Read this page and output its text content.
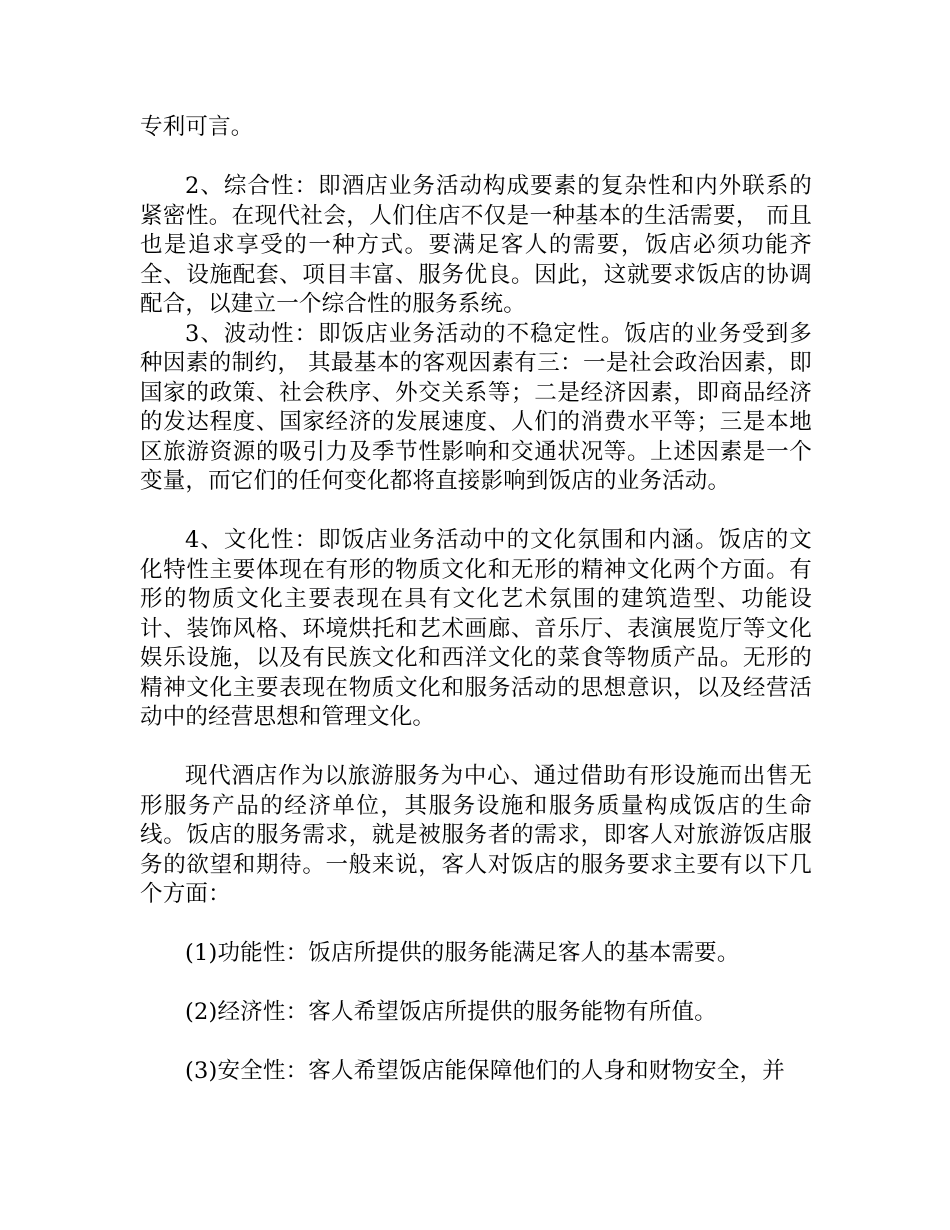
专利可言。

2、综合性：即酒店业务活动构成要素的复杂性和内外联系的紧密性。在现代社会，人们住店不仅是一种基本的生活需要， 而且也是追求享受的一种方式。要满足客人的需要，饭店必须功能齐全、设施配套、项目丰富、服务优良。因此，这就要求饭店的协调配合，以建立一个综合性的服务系统。

3、波动性：即饭店业务活动的不稳定性。饭店的业务受到多种因素的制约， 其最基本的客观因素有三：一是社会政治因素，即国家的政策、社会秩序、外交关系等；二是经济因素，即商品经济的发达程度、国家经济的发展速度、人们的消费水平等；三是本地区旅游资源的吸引力及季节性影响和交通状况等。上述因素是一个变量，而它们的任何变化都将直接影响到饭店的业务活动。

4、文化性：即饭店业务活动中的文化氛围和内涵。饭店的文化特性主要体现在有形的物质文化和无形的精神文化两个方面。有形的物质文化主要表现在具有文化艺术氛围的建筑造型、功能设计、装饰风格、环境烘托和艺术画廊、音乐厅、表演展览厅等文化娱乐设施，以及有民族文化和西洋文化的菜食等物质产品。无形的精神文化主要表现在物质文化和服务活动的思想意识，以及经营活动中的经营思想和管理文化。

现代酒店作为以旅游服务为中心、通过借助有形设施而出售无形服务产品的经济单位，其服务设施和服务质量构成饭店的生命线。饭店的服务需求，就是被服务者的需求，即客人对旅游饭店服务的欲望和期待。一般来说，客人对饭店的服务要求主要有以下几个方面：

(1)功能性：饭店所提供的服务能满足客人的基本需要。

(2)经济性：客人希望饭店所提供的服务能物有所值。

(3)安全性：客人希望饭店能保障他们的人身和财物安全，并
